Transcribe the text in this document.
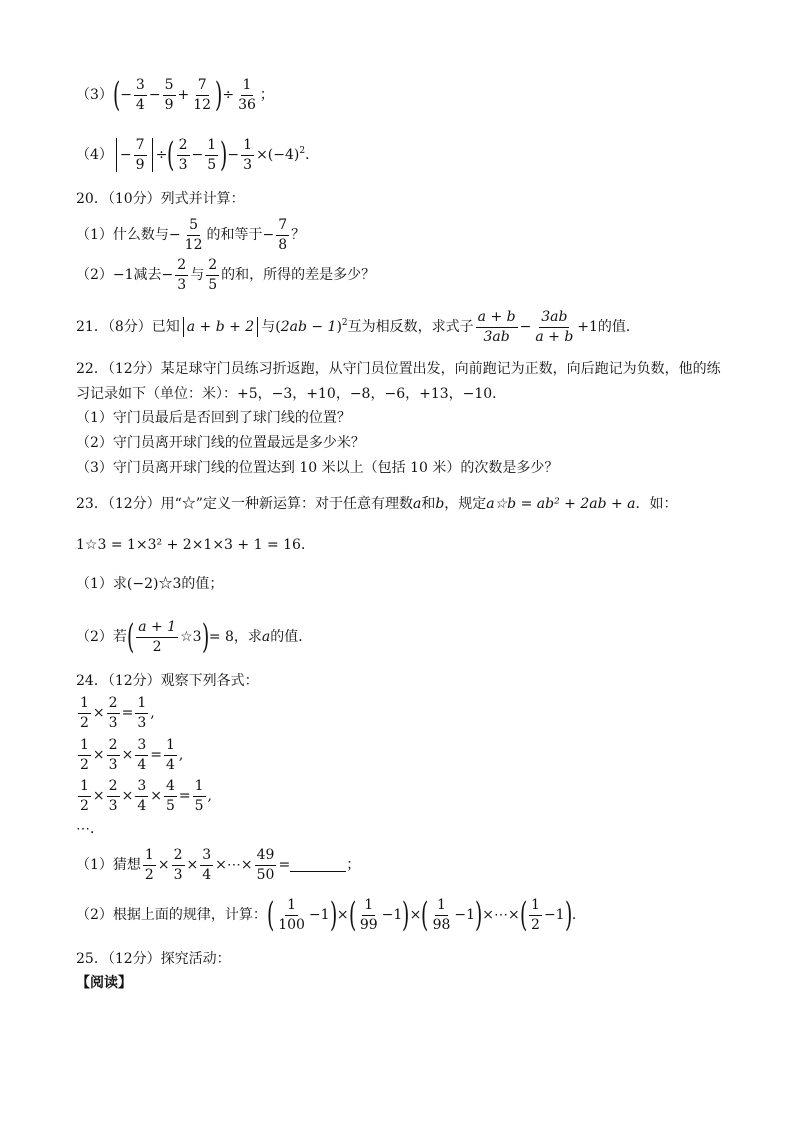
（3） ( −
3
4
−
5
9
+
7
12 ) ÷
1
36
；
（4） −
7
9
÷ ( 2
3
−
1
5 ) −
1
3
×( −4 ) 2 ．
20．（10分）列式并计算：
（1）什么数与 −
5
12
的和等于 −
7
8
？
（2）−1减去 −
2
3
与
2
5
的和，所得的差是多少？
21．（8分）已知 a + b + 2 与 ( 2ab − 1 ) 2 互为相反数，求式子
a + b
3ab
−
3ab
a + b
+1的值．
22．（12分）某足球守门员练习折返跑，从守门员位置出发，向前跑记为正数，向后跑记为负数，他的练
习记录如下（单位：米）：+5，−3，+10，−8，−6，+13，−10．
（1）守门员最后是否回到了球门线的位置？
（2）守门员离开球门线的位置最远是多少米？
（3）守门员离开球门线的位置达到 10 米以上（包括 10 米）的次数是多少？
23．（12分）用“☆”定义一种新运算：对于任意有理数a和b，规定a☆b = ab² + 2ab + a．如：
1☆3 = 1×3² + 2×1×3 + 1 = 16．
（1）求(−2)☆3的值；
（2）若 ( a + 1
2
☆3 ) = 8，求 a 的值．
24．（12分）观察下列各式：
1
2
×
2
3
=
1
3
,
1
2
×
2
3
×
3
4
=
1
4
,
1
2
×
2
3
×
3
4
×
4
5
=
1
5
,
⋯．
（1）猜想
1
2
×
2
3
×
3
4
×⋯×
49
50
=	；
（2）根据上面的规律，计算： ( 1
100
−1 ) × ( 1
99
−1 ) × ( 1
98
−1 ) ×⋯× ( 1
2
−1 ) ．
25．（12分）探究活动：
【阅读】
